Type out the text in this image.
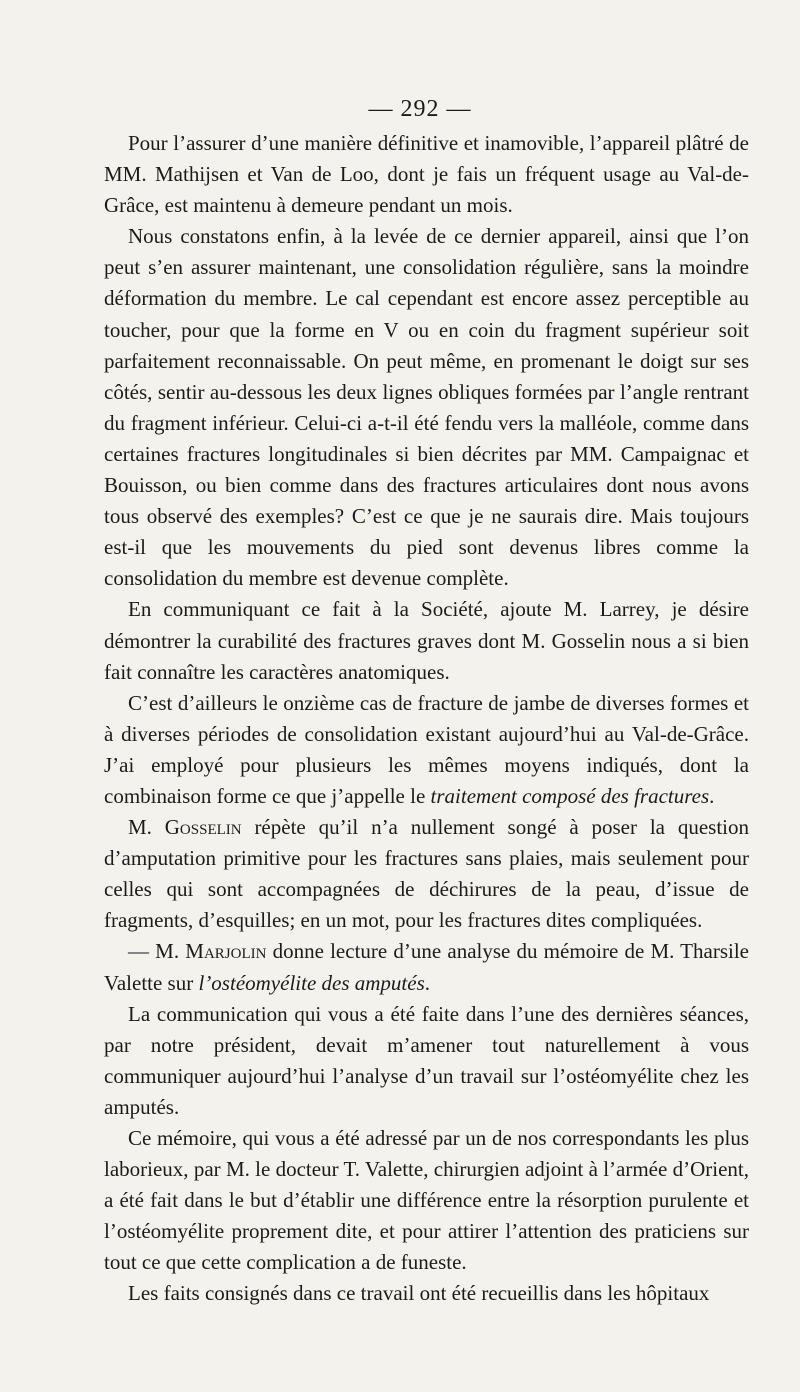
— 292 —

Pour l’assurer d’une manière définitive et inamovible, l’appareil plâtré de MM. Mathijsen et Van de Loo, dont je fais un fréquent usage au Val-de-Grâce, est maintenu à demeure pendant un mois.

Nous constatons enfin, à la levée de ce dernier appareil, ainsi que l’on peut s’en assurer maintenant, une consolidation régulière, sans la moindre déformation du membre. Le cal cependant est encore assez perceptible au toucher, pour que la forme en V ou en coin du fragment supérieur soit parfaitement reconnaissable. On peut même, en promenant le doigt sur ses côtés, sentir au-dessous les deux lignes obliques formées par l’angle rentrant du fragment inférieur. Celui-ci a-t-il été fendu vers la malléole, comme dans certaines fractures longitudinales si bien décrites par MM. Campaignac et Bouisson, ou bien comme dans des fractures articulaires dont nous avons tous observé des exemples? C’est ce que je ne saurais dire. Mais toujours est-il que les mouvements du pied sont devenus libres comme la consolidation du membre est devenue complète.

En communiquant ce fait à la Société, ajoute M. Larrey, je désire démontrer la curabilité des fractures graves dont M. Gosselin nous a si bien fait connaître les caractères anatomiques.

C’est d’ailleurs le onzième cas de fracture de jambe de diverses formes et à diverses périodes de consolidation existant aujourd’hui au Val-de-Grâce. J’ai employé pour plusieurs les mêmes moyens indiqués, dont la combinaison forme ce que j’appelle le traitement composé des fractures.

M. Gosselin répète qu’il n’a nullement songé à poser la question d’amputation primitive pour les fractures sans plaies, mais seulement pour celles qui sont accompagnées de déchirures de la peau, d’issue de fragments, d’esquilles; en un mot, pour les fractures dites compliquées.

— M. Marjolin donne lecture d’une analyse du mémoire de M. Tharsile Valette sur l’ostéomyélite des amputés.

La communication qui vous a été faite dans l’une des dernières séances, par notre président, devait m’amener tout naturellement à vous communiquer aujourd’hui l’analyse d’un travail sur l’ostéomyélite chez les amputés.

Ce mémoire, qui vous a été adressé par un de nos correspondants les plus laborieux, par M. le docteur T. Valette, chirurgien adjoint à l’armée d’Orient, a été fait dans le but d’établir une différence entre la résorption purulente et l’ostéomyélite proprement dite, et pour attirer l’attention des praticiens sur tout ce que cette complication a de funeste.

Les faits consignés dans ce travail ont été recueillis dans les hôpitaux
